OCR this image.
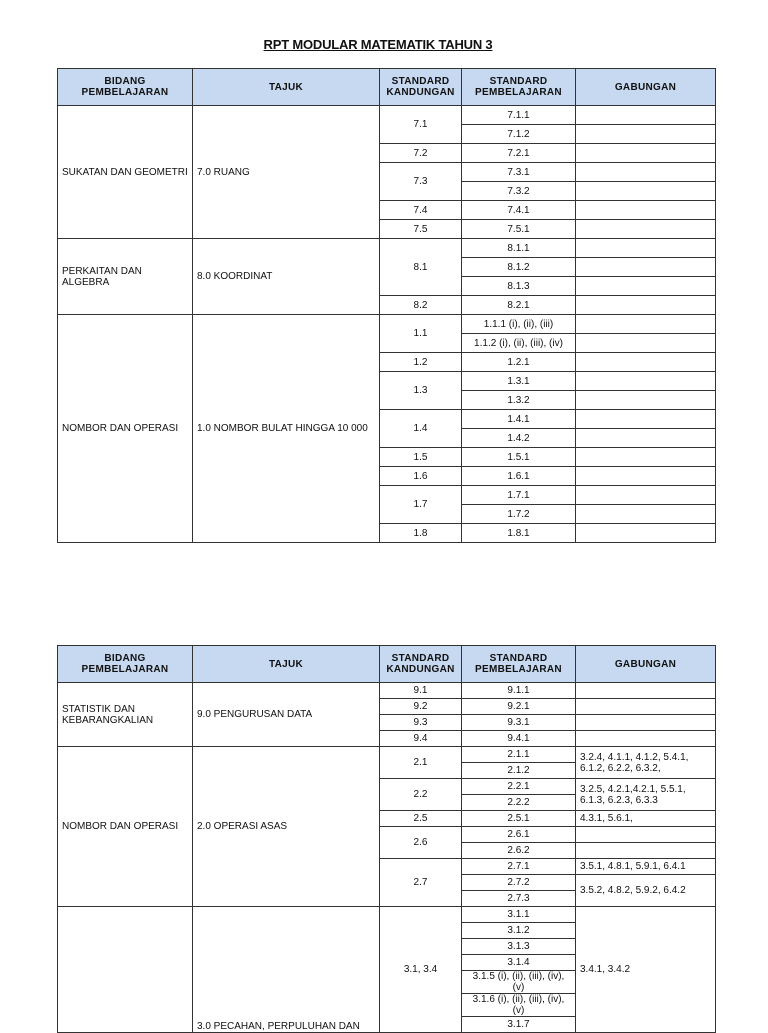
RPT MODULAR MATEMATIK TAHUN 3
BIDANG PEMBELAJARAN	TAJUK	STANDARD KANDUNGAN	STANDARD PEMBELAJARAN	GABUNGAN
SUKATAN DAN GEOMETRI	7.0 RUANG	7.1	7.1.1	
			7.1.2	
		7.2	7.2.1	
		7.3	7.3.1	
			7.3.2	
		7.4	7.4.1	
		7.5	7.5.1	
PERKAITAN DAN ALGEBRA	8.0 KOORDINAT	8.1	8.1.1	
			8.1.2	
			8.1.3	
		8.2	8.2.1	
NOMBOR DAN OPERASI	1.0 NOMBOR BULAT HINGGA 10 000	1.1	1.1.1 (i), (ii), (iii)	
			1.1.2 (i), (ii), (iii), (iv)	
		1.2	1.2.1	
		1.3	1.3.1	
			1.3.2	
		1.4	1.4.1	
			1.4.2	
		1.5	1.5.1	
		1.6	1.6.1	
		1.7	1.7.1	
			1.7.2	
		1.8	1.8.1	
BIDANG PEMBELAJARAN	TAJUK	STANDARD KANDUNGAN	STANDARD PEMBELAJARAN	GABUNGAN
STATISTIK DAN KEBARANGKALIAN	9.0 PENGURUSAN DATA	9.1	9.1.1	
		9.2	9.2.1	
		9.3	9.3.1	
		9.4	9.4.1	
NOMBOR DAN OPERASI	2.0 OPERASI ASAS	2.1	2.1.1	3.2.4, 4.1.1, 4.1.2, 5.4.1, 6.1.2, 6.2.2, 6.3.2,
			2.1.2	
		2.2	2.2.1	3.2.5, 4.2.1,4.2.1, 5.5.1, 6.1.3, 6.2.3, 6.3.3
			2.2.2	
		2.5	2.5.1	4.3.1, 5.6.1,
		2.6	2.6.1	
			2.6.2	
		2.7	2.7.1	3.5.1, 4.8.1, 5.9.1, 6.4.1
			2.7.2	3.5.2, 4.8.2, 5.9.2, 6.4.2
			2.7.3	
	3.0 PECAHAN, PERPULUHAN DAN	3.1, 3.4	3.1.1	3.4.1, 3.4.2
			3.1.2	
			3.1.3	
			3.1.4	
			3.1.5 (i), (ii), (iii), (iv), (v)	
			3.1.6 (i), (ii), (iii), (iv), (v)	
			3.1.7	
